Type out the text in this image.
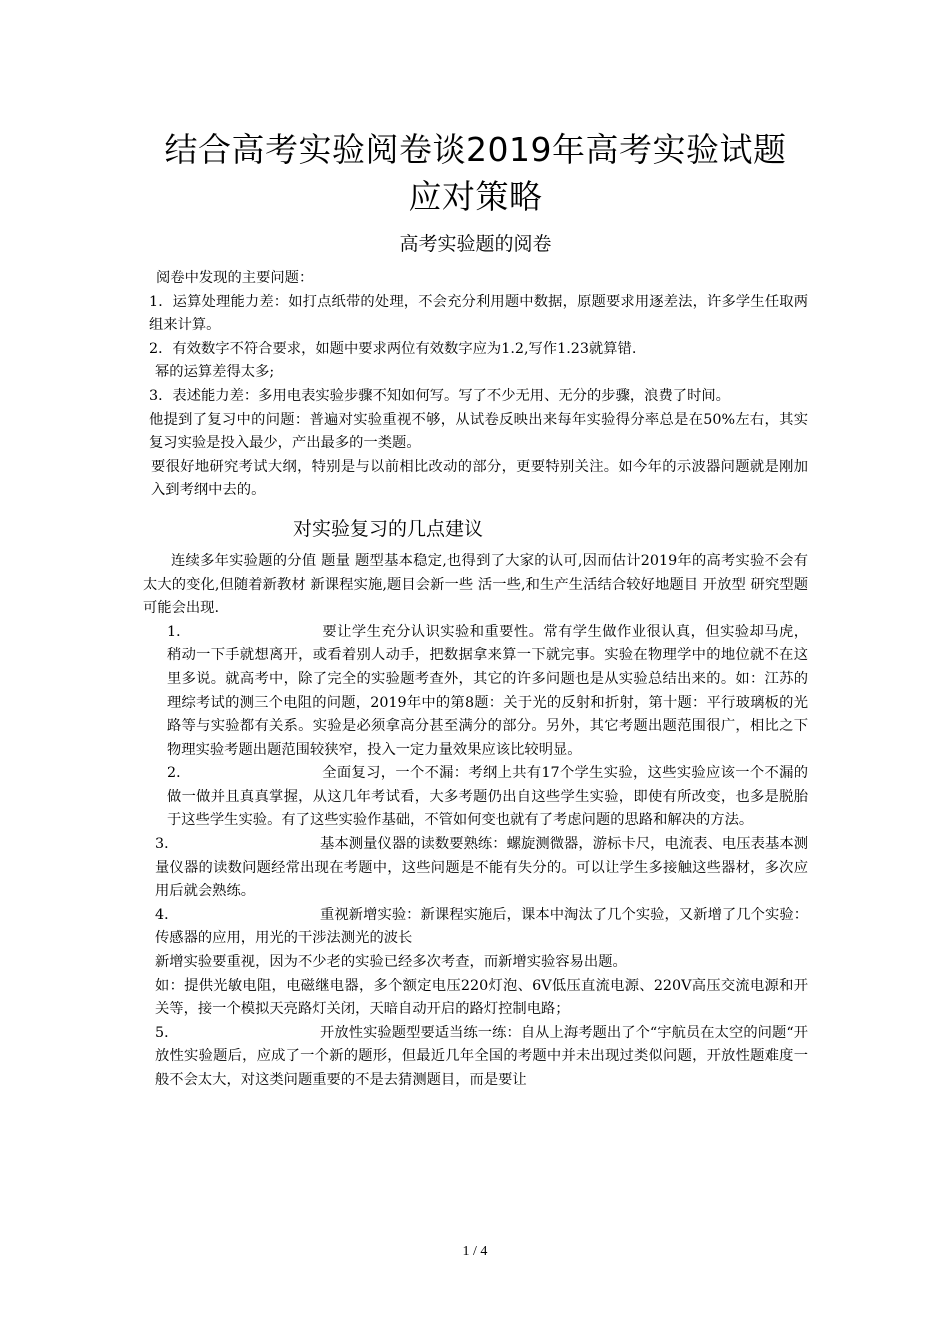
结合高考实验阅卷谈2019年高考实验试题
应对策略
高考实验题的阅卷

阅卷中发现的主要问题：

1．运算处理能力差：如打点纸带的处理，不会充分利用题中数据，原题要求用逐差法，许多学生任取两组来计算。

2．有效数字不符合要求，如题中要求两位有效数字应为1.2,写作1.23就算错.

幂的运算差得太多;

3．表述能力差：多用电表实验步骤不知如何写。写了不少无用、无分的步骤，浪费了时间。

他提到了复习中的问题：普遍对实验重视不够，从试卷反映出来每年实验得分率总是在50%左右，其实复习实验是投入最少，产出最多的一类题。

要很好地研究考试大纲，特别是与以前相比改动的部分，更要特别关注。如今年的示波器问题就是刚加入到考纲中去的。

对实验复习的几点建议

连续多年实验题的分值 题量 题型基本稳定,也得到了大家的认可,因而估计2019年的高考实验不会有太大的变化,但随着新教材 新课程实施,题目会新一些 活一些,和生产生活结合较好地题目 开放型 研究型题可能会出现.

1．	要让学生充分认识实验和重要性。常有学生做作业很认真，但实验却马虎，稍动一下手就想离开，或看着别人动手，把数据拿来算一下就完事。实验在物理学中的地位就不在这里多说。就高考中，除了完全的实验题考查外，其它的许多问题也是从实验总结出来的。如：江苏的理综考试的测三个电阻的问题，2019年中的第8题：关于光的反射和折射，第十题：平行玻璃板的光路等与实验都有关系。实验是必须拿高分甚至满分的部分。另外，其它考题出题范围很广，相比之下物理实验考题出题范围较狭窄，投入一定力量效果应该比较明显。

2．	全面复习，一个不漏：考纲上共有17个学生实验，这些实验应该一个不漏的做一做并且真真掌握，从这几年考试看，大多考题仍出自这些学生实验，即使有所改变，也多是脱胎于这些学生实验。有了这些实验作基础，不管如何变也就有了考虑问题的思路和解决的方法。

3．	基本测量仪器的读数要熟练：螺旋测微器，游标卡尺，电流表、电压表基本测量仪器的读数问题经常出现在考题中，这些问题是不能有失分的。可以让学生多接触这些器材，多次应用后就会熟练。

4．	重视新增实验：新课程实施后，课本中淘汰了几个实验，又新增了几个实验：传感器的应用，用光的干涉法测光的波长

新增实验要重视，因为不少老的实验已经多次考查，而新增实验容易出题。

如：提供光敏电阻，电磁继电器，多个额定电压220灯泡、6V低压直流电源、220V高压交流电源和开关等，接一个模拟天亮路灯关闭，天暗自动开启的路灯控制电路；

5．	开放性实验题型要适当练一练：自从上海考题出了个“宇航员在太空的问题“开放性实验题后，应成了一个新的题形，但最近几年全国的考题中并未出现过类似问题，开放性题难度一般不会太大，对这类问题重要的不是去猜测题目，而是要让

1 / 4
